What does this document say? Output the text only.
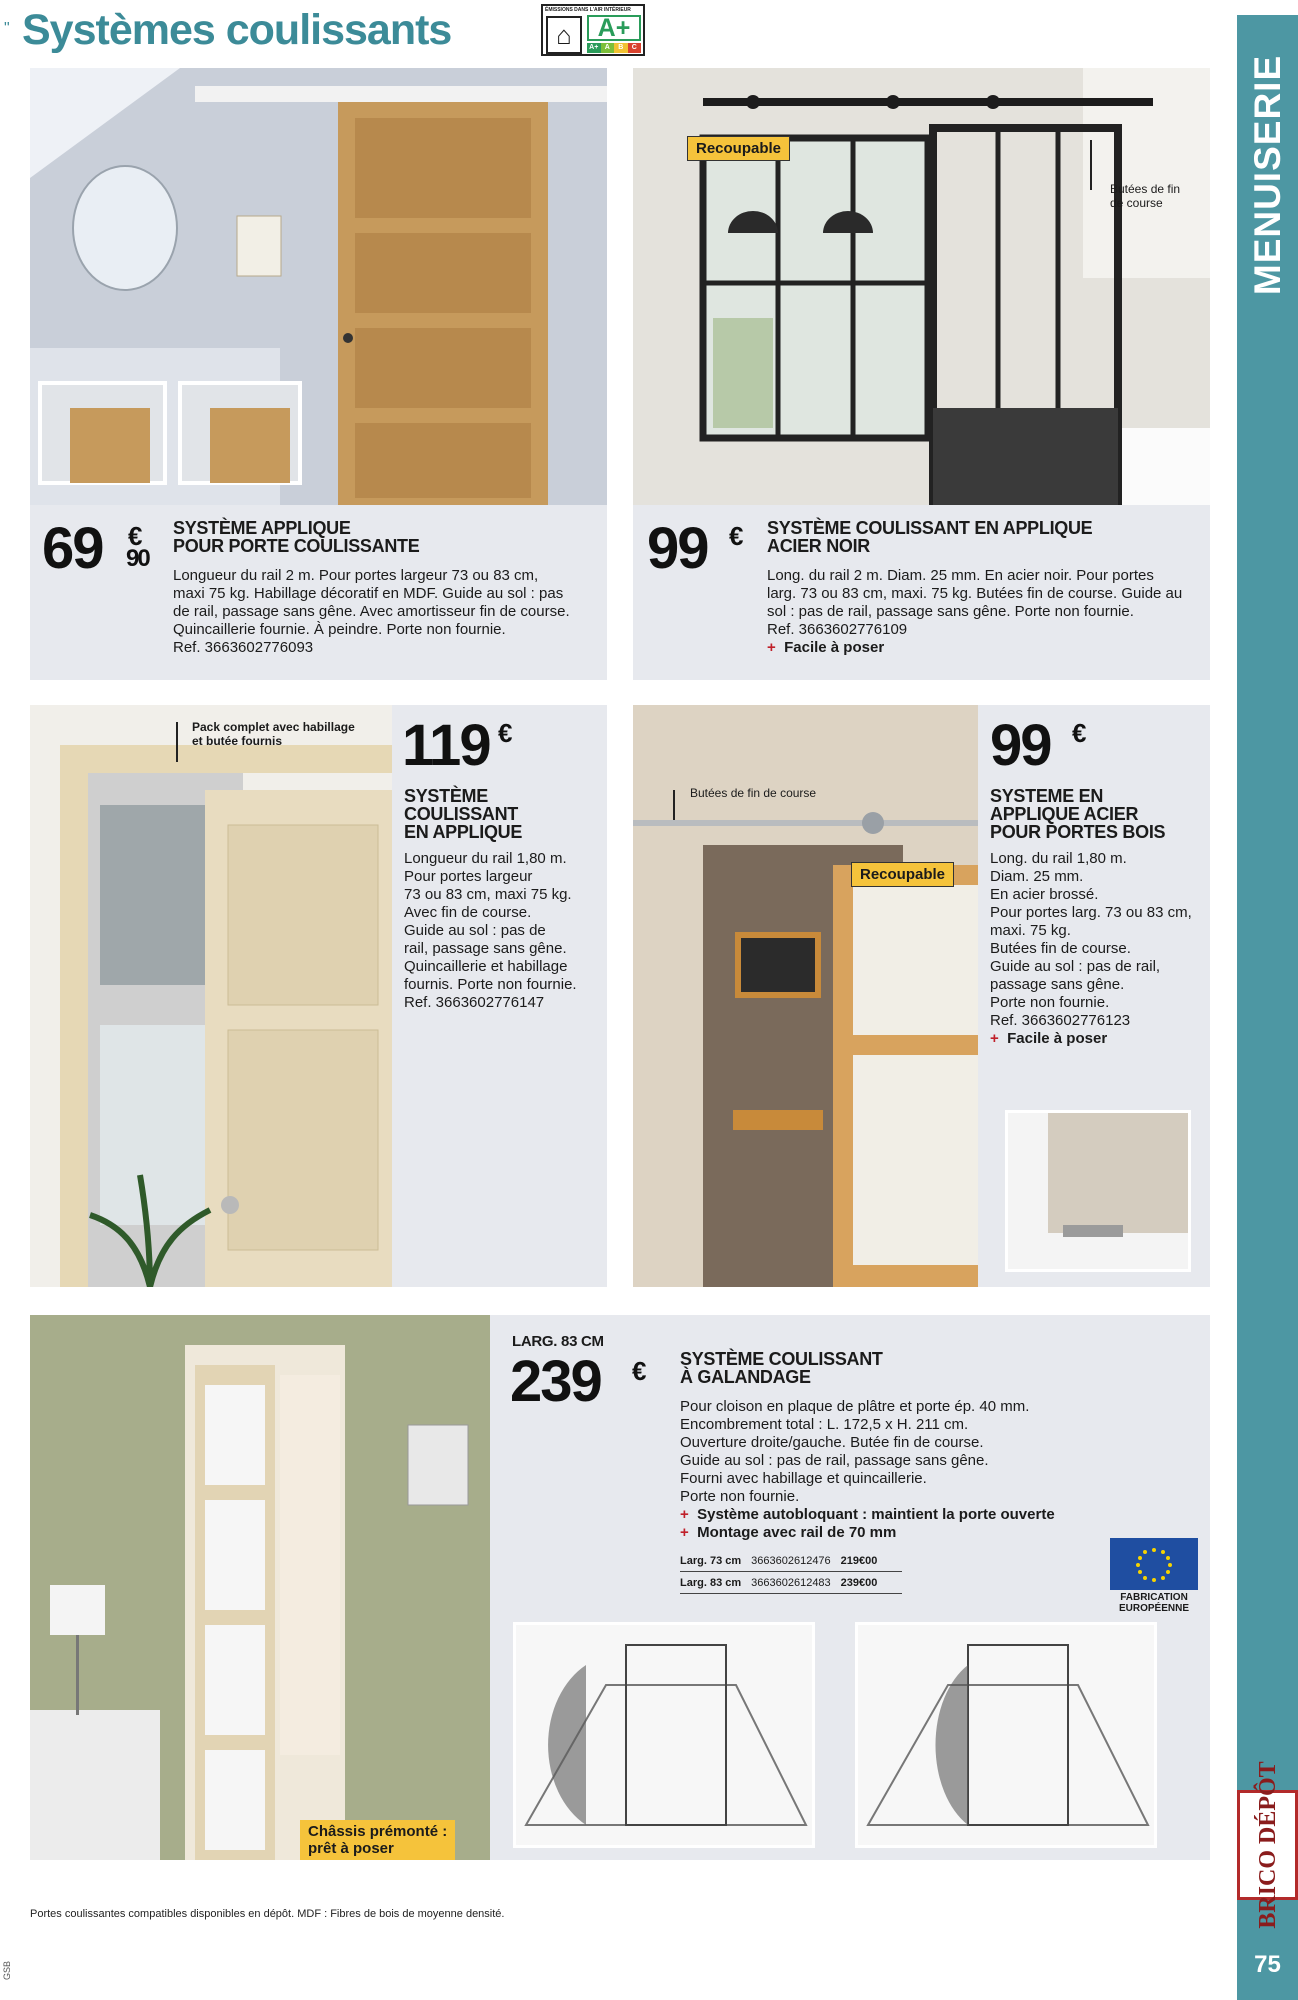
" Systèmes coulissants	ÉMISSIONS DANS L'AIR INTÉRIEUR
⌂	A+
A+ A	B	C
MENUISERIE
BRICO DÉPÔT
75
69 €
90
SYSTÈME APPLIQUE
POUR PORTE COULISSANTE
Longueur du rail 2 m. Pour portes largeur 73 ou 83 cm,
maxi 75 kg. Habillage décoratif en MDF. Guide au sol : pas
de rail, passage sans gêne. Avec amortisseur fin de course.
Quincaillerie fournie. À peindre. Porte non fournie.
Ref. 3663602776093
Recoupable
Butées de fin
de course
99 € SYSTÈME COULISSANT EN APPLIQUE
ACIER NOIR
Long. du rail 2 m. Diam. 25 mm. En acier noir. Pour portes
larg. 73 ou 83 cm, maxi. 75 kg. Butées fin de course. Guide au
sol : pas de rail, passage sans gêne. Porte non fournie.
Ref. 3663602776109
+ Facile à poser
Pack complet avec habillage
et butée fournis	119 €
SYSTÈME
COULISSANT
EN APPLIQUE
Longueur du rail 1,80 m.
Pour portes largeur
73 ou 83 cm, maxi 75 kg.
Avec fin de course.
Guide au sol : pas de
rail, passage sans gêne.
Quincaillerie et habillage
fournis. Porte non fournie.
Ref. 3663602776147
Butées de fin de course
Recoupable
99 €
SYSTEME EN
APPLIQUE ACIER
POUR PORTES BOIS
Long. du rail 1,80 m.
Diam. 25 mm.
En acier brossé.
Pour portes larg. 73 ou 83 cm,
maxi. 75 kg.
Butées fin de course.
Guide au sol : pas de rail,
passage sans gêne.
Porte non fournie.
Ref. 3663602776123
+ Facile à poser
Châssis prémonté :
prêt à poser
LARG. 83 CM
239 € SYSTÈME COULISSANT
À GALANDAGE
Pour cloison en plaque de plâtre et porte ép. 40 mm.
Encombrement total : L. 172,5 x H. 211 cm.
Ouverture droite/gauche. Butée fin de course.
Guide au sol : pas de rail, passage sans gêne.
Fourni avec habillage et quincaillerie.
Porte non fournie.
+ Système autobloquant : maintient la porte ouverte
+ Montage avec rail de 70 mm
Larg. 73 cm 3663602612476 219€00
Larg. 83 cm 3663602612483 239€00
FABRICATION
EUROPÉENNE
Portes coulissantes compatibles disponibles en dépôt. MDF : Fibres de bois de moyenne densité.
GSB
